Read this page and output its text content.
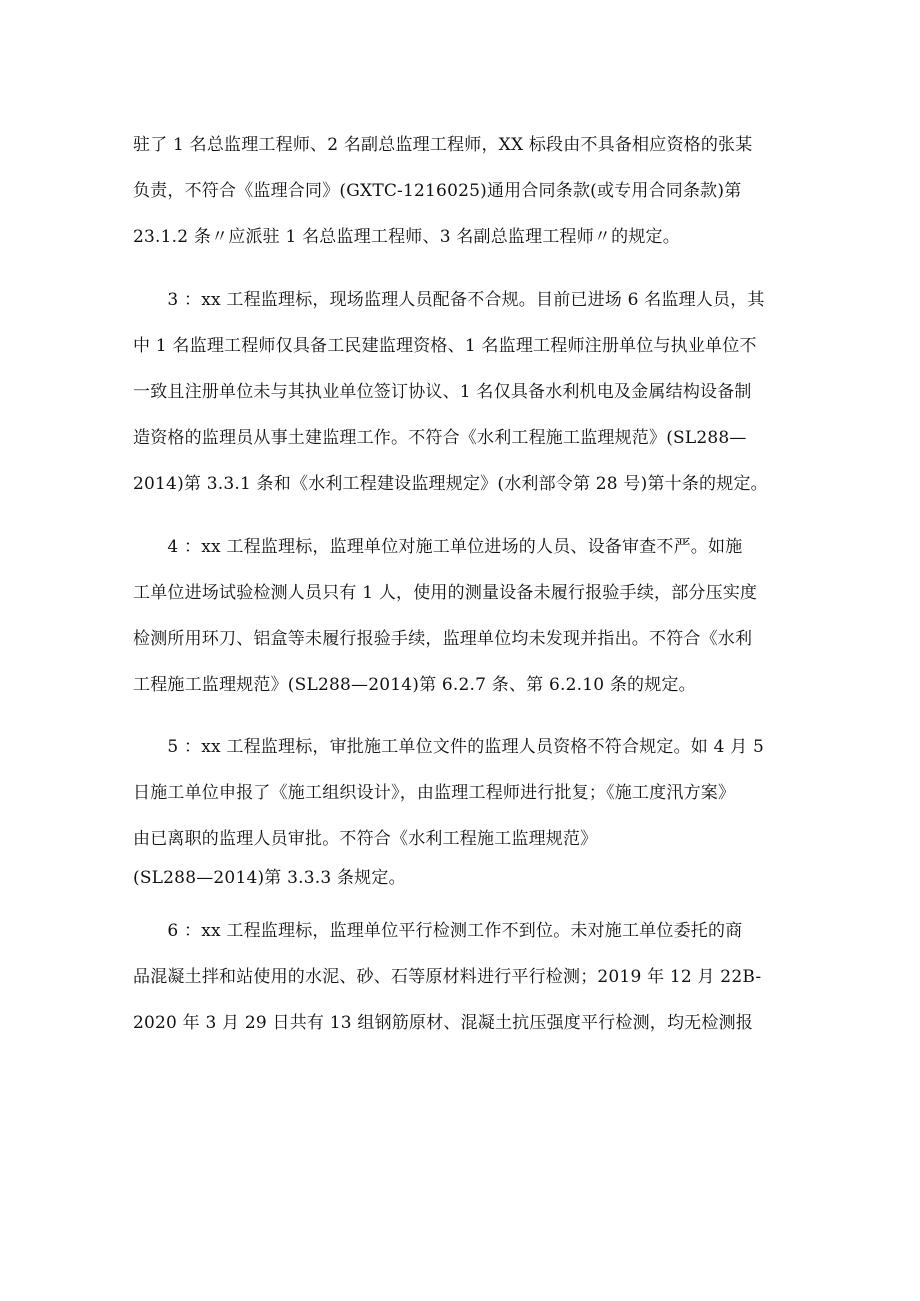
驻了 1 名总监理工程师、2 名副总监理工程师，XX 标段由不具备相应资格的张某
负责，不符合《监理合同》(GXTC-1216025)通用合同条款(或专用合同条款)第
23.1.2 条〃应派驻 1 名总监理工程师、3 名副总监理工程师〃的规定。

　　3 ：xx 工程监理标，现场监理人员配备不合规。目前已进场 6 名监理人员，其
中 1 名监理工程师仅具备工民建监理资格、1 名监理工程师注册单位与执业单位不
一致且注册单位未与其执业单位签订协议、1 名仅具备水利机电及金属结构设备制
造资格的监理员从事土建监理工作。不符合《水利工程施工监理规范》(SL288—
2014)第 3.3.1 条和《水利工程建设监理规定》(水利部令第 28 号)第十条的规定。

　　4 ：xx 工程监理标，监理单位对施工单位进场的人员、设备审查不严。如施
工单位进场试验检测人员只有 1 人，使用的测量设备未履行报验手续，部分压实度
检测所用环刀、铝盒等未履行报验手续，监理单位均未发现并指出。不符合《水利
工程施工监理规范》(SL288—2014)第 6.2.7 条、第 6.2.10 条的规定。

　　5 ：xx 工程监理标，审批施工单位文件的监理人员资格不符合规定。如 4 月 5
日施工单位申报了《施工组织设计》，由监理工程师进行批复；《施工度汛方案》
由已离职的监理人员审批。不符合《水利工程施工监理规范》

(SL288—2014)第 3.3.3 条规定。

　　6 ：xx 工程监理标，监理单位平行检测工作不到位。未对施工单位委托的商
品混凝土拌和站使用的水泥、砂、石等原材料进行平行检测；2019 年 12 月 22B-
2020 年 3 月 29 日共有 13 组钢筋原材、混凝土抗压强度平行检测，均无检测报
